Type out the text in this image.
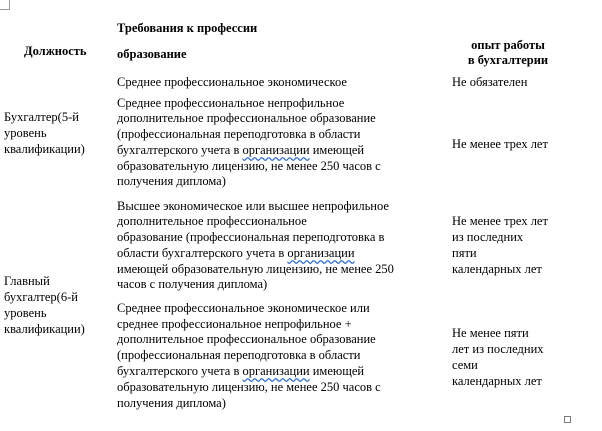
Должность
Требования к профессии
образование
опыт работы
в бухгалтерии
Бухгалтер(5-й
уровень
квалификации)
Главный
бухгалтер(6-й
уровень
квалификации)
Среднее профессиональное экономическое	Не обязателен
Среднее профессиональное непрофильное
дополнительное профессиональное образование
(профессиональная переподготовка в области
бухгалтерского учета в организации имеющей
образовательную лицензию, не менее 250 часов с
получения диплома)
Не менее трех лет
Высшее экономическое или высшее непрофильное
дополнительное профессиональное
образование (профессиональная переподготовка в
области бухгалтерского учета в организации
имеющей образовательную лицензию, не менее 250
часов с получения диплома)
Не менее трех лет
из последних
пяти
календарных лет
Среднее профессиональное экономическое или
среднее профессиональное непрофильное +
дополнительное профессиональное образование
(профессиональная переподготовка в области
бухгалтерского учета в организации имеющей
образовательную лицензию, не менее 250 часов с
получения диплома)
Не менее пяти
лет из последних
семи
календарных лет
